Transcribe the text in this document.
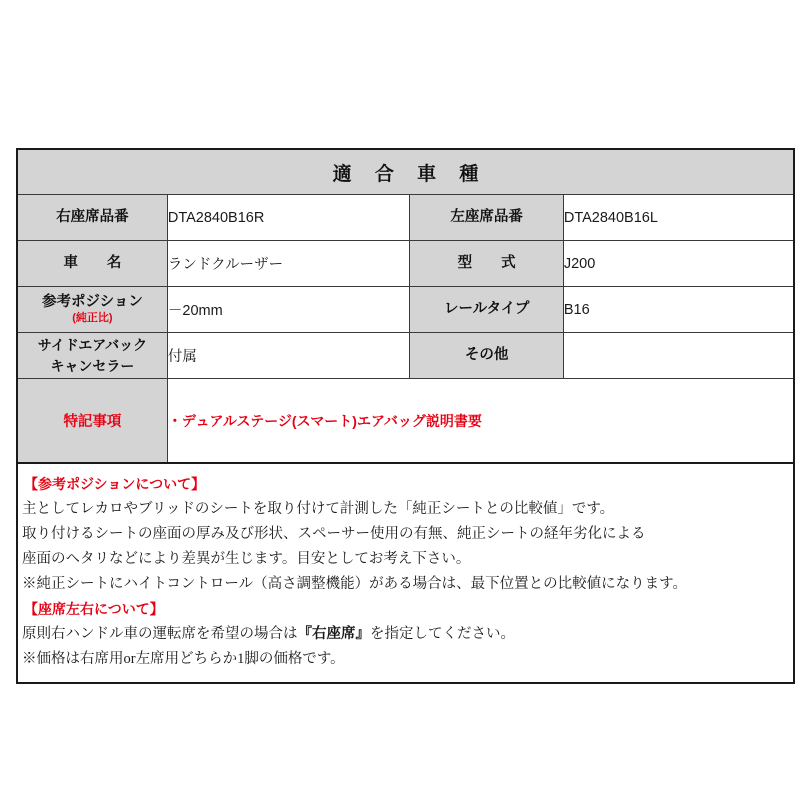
適 合 車 種			
右座席品番	DTA2840B16R	左座席品番	DTA2840B16L
車　　名	ランドクルーザー	型　　式	J200
参考ポジション
(純正比)	－20mm	レールタイプ	B16
サイドエアバック
キャンセラー	付属	その他	
特記事項	・デュアルステージ(スマート)エアバッグ説明書要		
【参考ポジションについて】
主としてレカロやブリッドのシートを取り付けて計測した「純正シートとの比較値」です。
取り付けるシートの座面の厚み及び形状、スペーサー使用の有無、純正シートの経年劣化による
座面のヘタリなどにより差異が生じます。目安としてお考え下さい。
※純正シートにハイトコントロール（高さ調整機能）がある場合は、最下位置との比較値になります。
【座席左右について】
原則右ハンドル車の運転席を希望の場合は『右座席』を指定してください。
※価格は右席用or左席用どちらか1脚の価格です。
